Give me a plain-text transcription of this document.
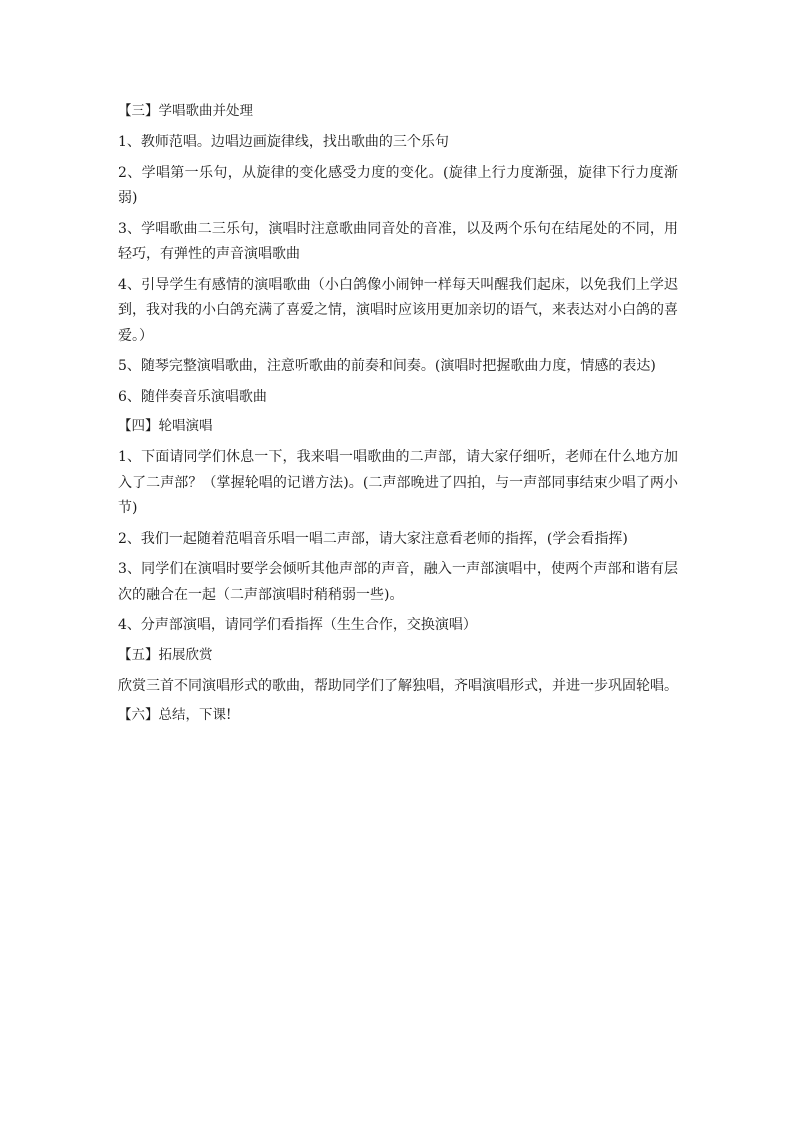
【三】学唱歌曲并处理

1、教师范唱。边唱边画旋律线，找出歌曲的三个乐句

2、学唱第一乐句，从旋律的变化感受力度的变化。(旋律上行力度渐强，旋律下行力度渐弱)

3、学唱歌曲二三乐句，演唱时注意歌曲同音处的音准，以及两个乐句在结尾处的不同，用轻巧，有弹性的声音演唱歌曲

4、引导学生有感情的演唱歌曲（小白鸽像小闹钟一样每天叫醒我们起床，以免我们上学迟到，我对我的小白鸽充满了喜爱之情，演唱时应该用更加亲切的语气，来表达对小白鸽的喜爱。）

5、随琴完整演唱歌曲，注意听歌曲的前奏和间奏。(演唱时把握歌曲力度，情感的表达)

6、随伴奏音乐演唱歌曲

【四】轮唱演唱

1、下面请同学们休息一下，我来唱一唱歌曲的二声部，请大家仔细听，老师在什么地方加入了二声部？（掌握轮唱的记谱方法)。(二声部晚进了四拍，与一声部同事结束少唱了两小节)

2、我们一起随着范唱音乐唱一唱二声部，请大家注意看老师的指挥，(学会看指挥)

3、同学们在演唱时要学会倾听其他声部的声音，融入一声部演唱中，使两个声部和谐有层次的融合在一起（二声部演唱时稍稍弱一些)。

4、分声部演唱，请同学们看指挥（生生合作，交换演唱）

【五】拓展欣赏

欣赏三首不同演唱形式的歌曲，帮助同学们了解独唱，齐唱演唱形式，并进一步巩固轮唱。

【六】总结，下课!
